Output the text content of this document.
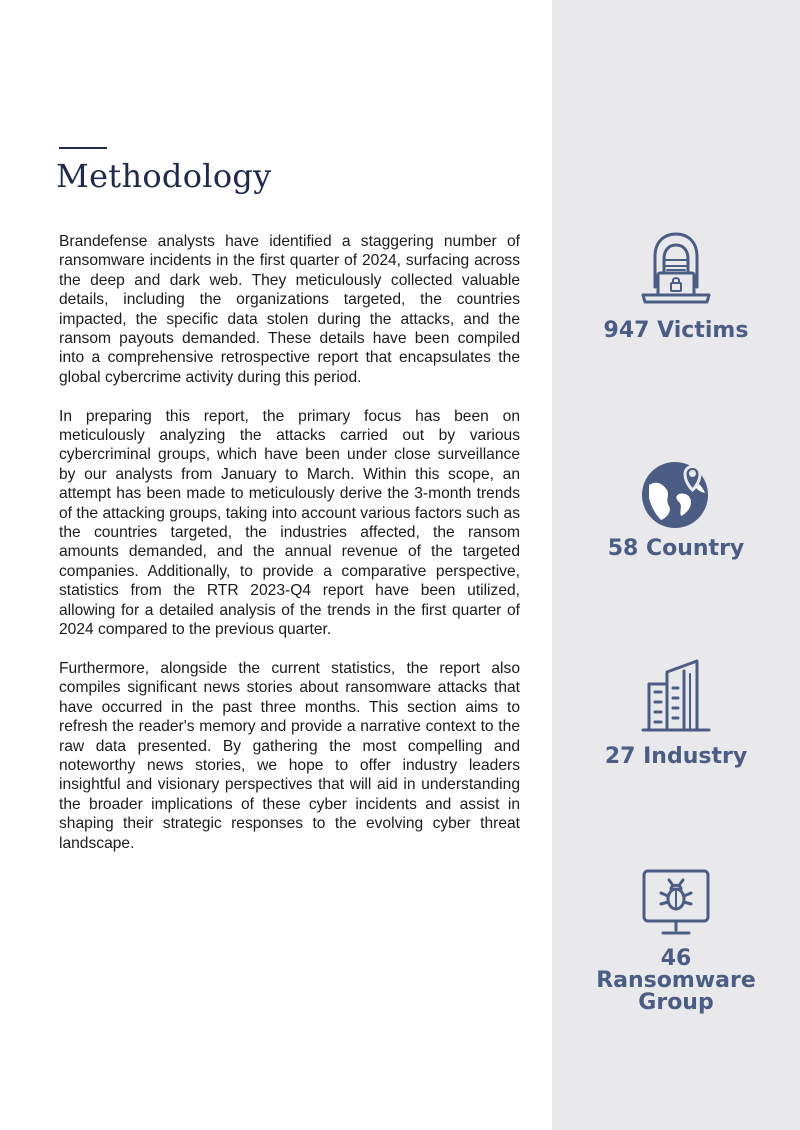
Methodology

Brandefense analysts have identified a staggering number of ransomware incidents in the first quarter of 2024, surfacing across the deep and dark web. They meticulously collected valuable details, including the organizations targeted, the countries impacted, the specific data stolen during the attacks, and the ransom payouts demanded. These details have been compiled into a comprehensive retrospective report that encapsulates the global cybercrime activity during this period.

In preparing this report, the primary focus has been on meticulously analyzing the attacks carried out by various cybercriminal groups, which have been under close surveillance by our analysts from January to March. Within this scope, an attempt has been made to meticulously derive the 3-month trends of the attacking groups, taking into account various factors such as the countries targeted, the industries affected, the ransom amounts demanded, and the annual revenue of the targeted companies. Additionally, to provide a comparative perspective, statistics from the RTR 2023-Q4 report have been utilized, allowing for a detailed analysis of the trends in the first quarter of 2024 compared to the previous quarter.

Furthermore, alongside the current statistics, the report also compiles significant news stories about ransomware attacks that have occurred in the past three months. This section aims to refresh the reader's memory and provide a narrative context to the raw data presented. By gathering the most compelling and noteworthy news stories, we hope to offer industry leaders insightful and visionary perspectives that will aid in understanding the broader implications of these cyber incidents and assist in shaping their strategic responses to the evolving cyber threat landscape.

947 Victims
58 Country
27 Industry
46 Ransomware Group
